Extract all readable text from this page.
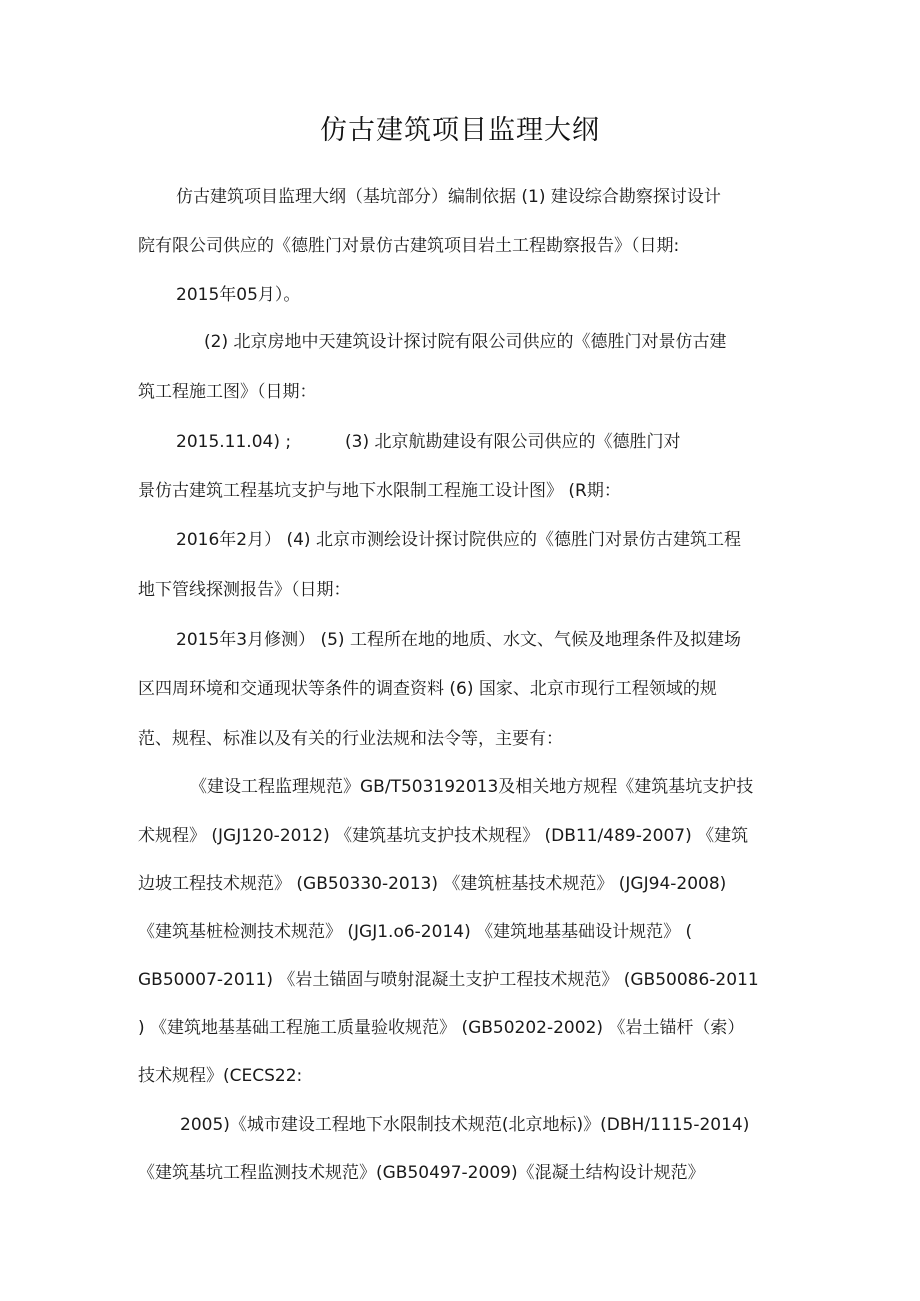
仿古建筑项目监理大纲
仿古建筑项目监理大纲（基坑部分）编制依据 (1) 建设综合勘察探讨设计
院有限公司供应的《德胜门对景仿古建筑项目岩土工程勘察报告》（日期:
2015年05月）。
(2) 北京房地中天建筑设计探讨院有限公司供应的《德胜门对景仿古建
筑工程施工图》（日期：
2015.11.04) ;	(3) 北京航勘建设有限公司供应的《德胜门对
景仿古建筑工程基坑支护与地下水限制工程施工设计图》 (R期：
2016年2月） (4) 北京市测绘设计探讨院供应的《德胜门对景仿古建筑工程
地下管线探测报告》（日期：
2015年3月修测） (5) 工程所在地的地质、水文、气候及地理条件及拟建场
区四周环境和交通现状等条件的调查资料 (6) 国家、北京市现行工程领域的规
范、规程、标准以及有关的行业法规和法令等，主要有：
《建设工程监理规范》GB/T503192013及相关地方规程《建筑基坑支护技
术规程》 (JGJ120-2012) 《建筑基坑支护技术规程》 (DB11/489-2007) 《建筑
边坡工程技术规范》 (GB50330-2013) 《建筑桩基技术规范》 (JGJ94-2008)
《建筑基桩检测技术规范》 (JGJ1.o6-2014) 《建筑地基基础设计规范》 (
GB50007-2011) 《岩土锚固与喷射混凝土支护工程技术规范》 (GB50086-2011
) 《建筑地基基础工程施工质量验收规范》 (GB50202-2002) 《岩土锚杆（索）
技术规程》(CECS22:
2005)《城市建设工程地下水限制技术规范(北京地标)》(DBH/1115-2014)
《建筑基坑工程监测技术规范》(GB50497-2009)《混凝土结构设计规范》
